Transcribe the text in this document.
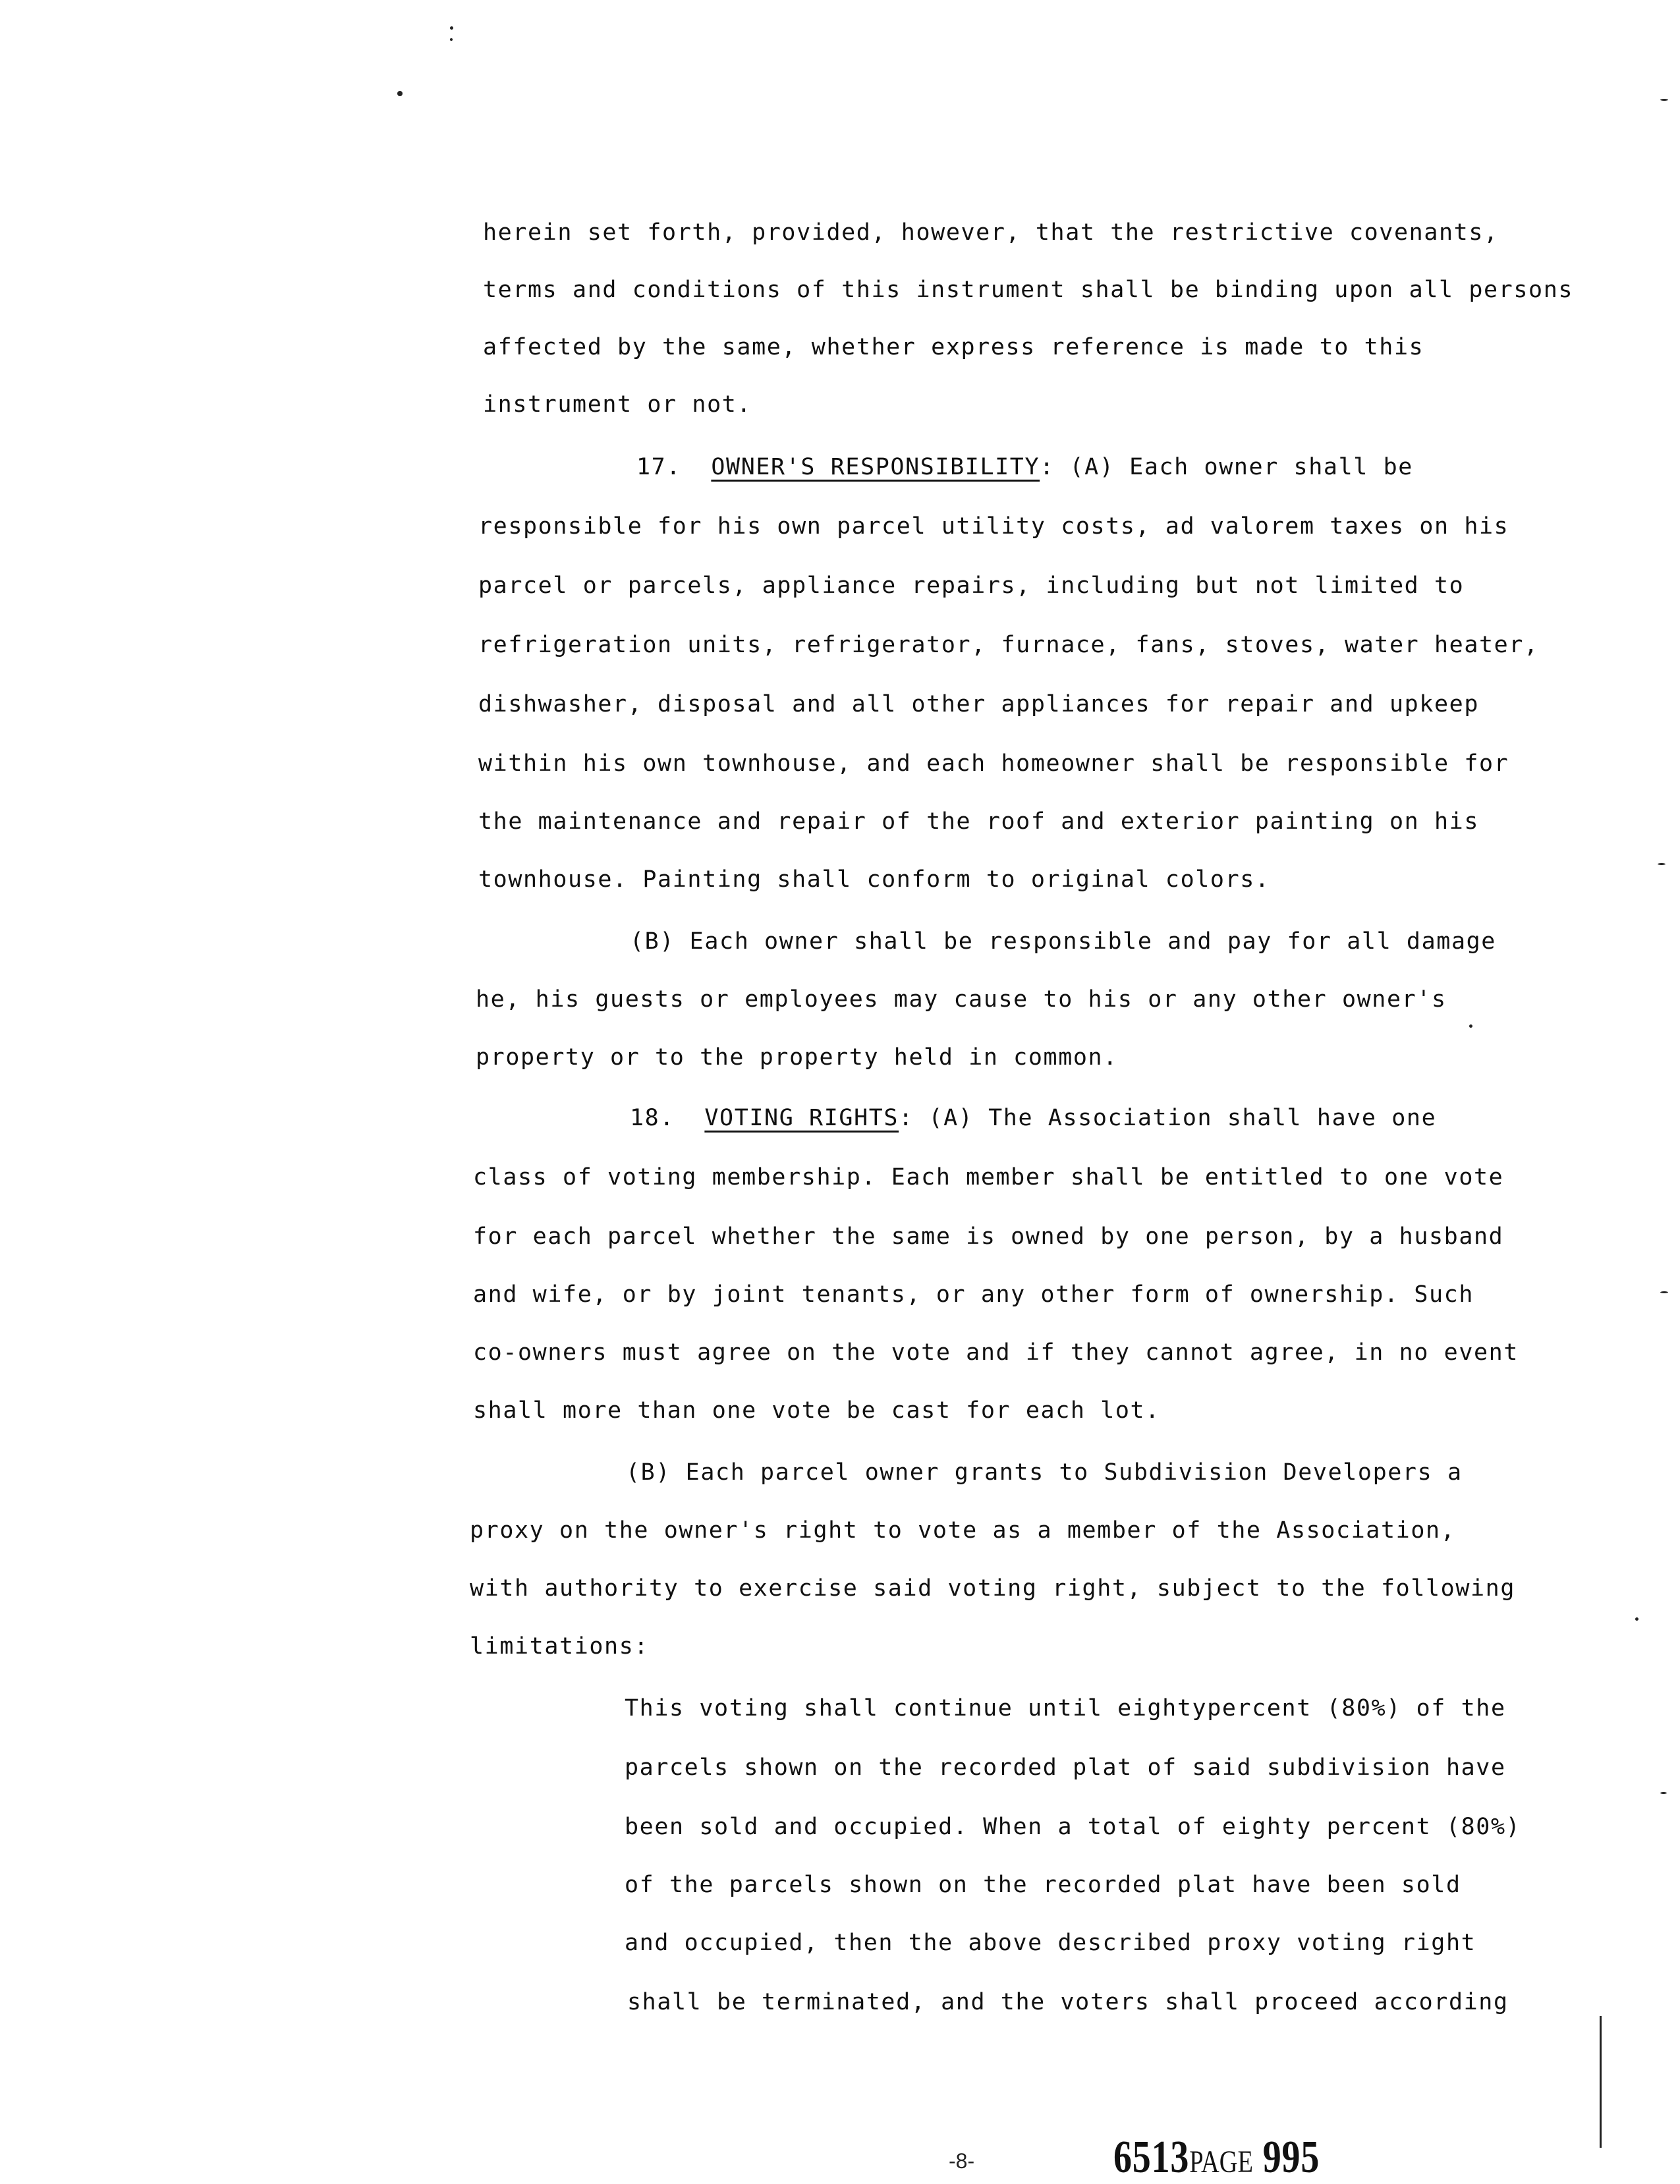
herein set forth, provided, however, that the restrictive covenants,
terms and conditions of this instrument shall be binding upon all persons
affected by the same, whether express reference is made to this
instrument or not.
17. OWNER'S RESPONSIBILITY: (A) Each owner shall be
responsible for his own parcel utility costs, ad valorem taxes on his
parcel or parcels, appliance repairs, including but not limited to
refrigeration units, refrigerator, furnace, fans, stoves, water heater,
dishwasher, disposal and all other appliances for repair and upkeep
within his own townhouse, and each homeowner shall be responsible for
the maintenance and repair of the roof and exterior painting on his
townhouse. Painting shall conform to original colors.
(B) Each owner shall be responsible and pay for all damage
he, his guests or employees may cause to his or any other owner's
property or to the property held in common.
18. VOTING RIGHTS: (A) The Association shall have one
class of voting membership. Each member shall be entitled to one vote
for each parcel whether the same is owned by one person, by a husband
and wife, or by joint tenants, or any other form of ownership. Such
co-owners must agree on the vote and if they cannot agree, in no event
shall more than one vote be cast for each lot.
(B) Each parcel owner grants to Subdivision Developers a
proxy on the owner's right to vote as a member of the Association,
with authority to exercise said voting right, subject to the following
limitations:
This voting shall continue until eightypercent (80%) of the
parcels shown on the recorded plat of said subdivision have
been sold and occupied. When a total of eighty percent (80%)
of the parcels shown on the recorded plat have been sold
and occupied, then the above described proxy voting right
shall be terminated, and the voters shall proceed according
-8-	6513PAGE 995
